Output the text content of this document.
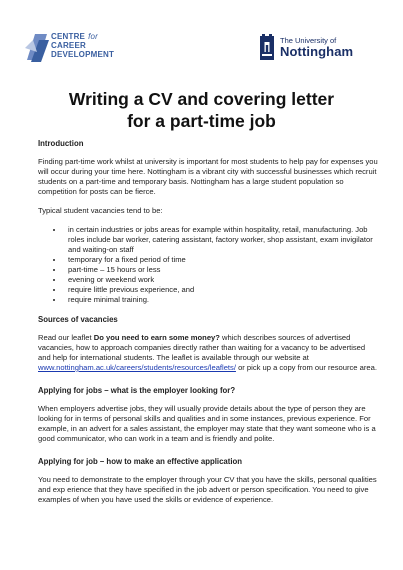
CENTRE for
CAREER
DEVELOPMENT
The University of
Nottingham
Writing a CV and covering letter
for a part-time job
Introduction

Finding part-time work whilst at university is important for most students to help pay for expenses you will occur during your time here. Nottingham is a vibrant city with successful businesses which recruit students on a part-time and temporary basis. Nottingham has a large student population so competition for posts can be fierce.

Typical student vacancies tend to be:

• in certain industries or jobs areas for example within hospitality, retail, manufacturing. Job roles include bar worker, catering assistant, factory worker, shop assistant, exam invigilator and waiting-on staff
• temporary for a fixed period of time
• part-time – 15 hours or less
• evening or weekend work
• require little previous experience, and
• require minimal training.
Sources of vacancies

Read our leaflet Do you need to earn some money? which describes sources of advertised vacancies, how to approach companies directly rather than waiting for a vacancy to be advertised and help for international students. The leaflet is available through our website at www.nottingham.ac.uk/careers/students/resources/leaflets/ or pick up a copy from our resource area.

Applying for jobs – what is the employer looking for?

When employers advertise jobs, they will usually provide details about the type of person they are looking for in terms of personal skills and qualities and in some instances, previous experience. For example, in an advert for a sales assistant, the employer may state that they want someone who is a good communicator, who can work in a team and is friendly and polite.

Applying for job – how to make an effective application

You need to demonstrate to the employer through your CV that you have the skills, personal qualities and exp erience that they have specified in the job advert or person specification. You need to give examples of when you have used the skills or evidence of experience.
